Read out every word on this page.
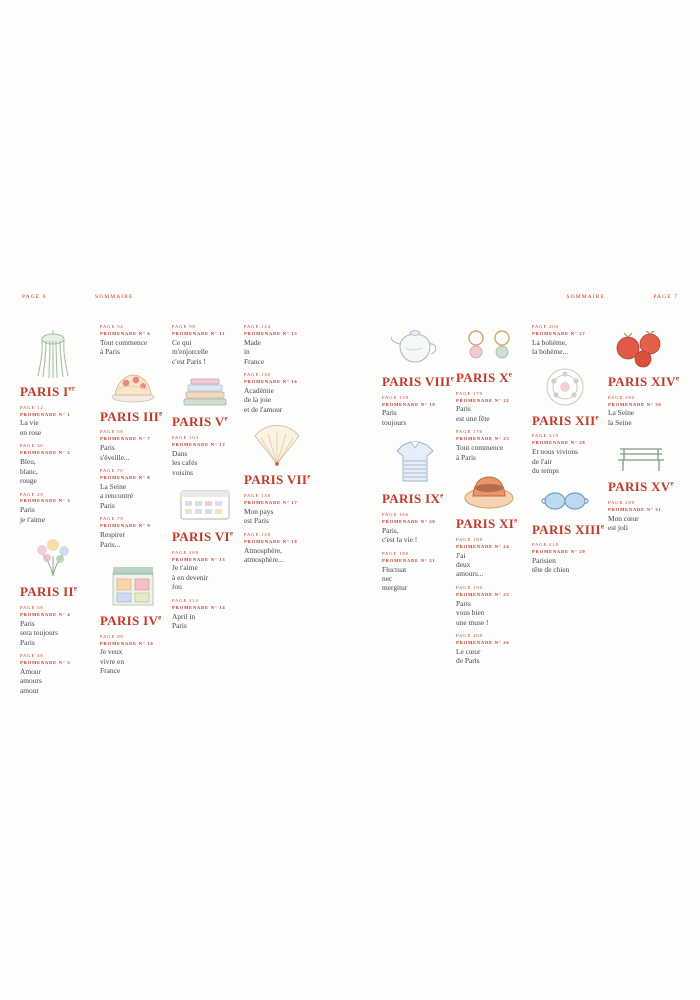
PAGE 6	SOMMAIRE	SOMMAIRE	PAGE 7
PARIS Ier
PAGE 12
PROMENADE N° 1
La vie
en rose
PAGE 20
PROMENADE N° 2
Bleu,
blanc,
rouge
PAGE 28
PROMENADE N° 3
Paris
je t'aime
PARIS IIe
PAGE 38
PROMENADE N° 4
Paris
sera toujours
Paris
PAGE 48
PROMENADE N° 5
Amour
amours
amour
PAGE 54
PROMENADE N° 6
Tout commence
à Paris
PARIS IIIe
PAGE 58
PROMENADE N° 7
Paris
s'éveille...
PAGE 70
PROMENADE N° 8
La Seine
a rencontré
Paris
PAGE 78
PROMENADE N° 9
Respirer
Paris...
PARIS IVe
PAGE 88
PROMENADE N° 10
Je veux
vivre en
France
PAGE 98
PROMENADE N° 11
Ce qui
m'enjorcelle
c'est Paris !
PARIS Ve
PAGE 104
PROMENADE N° 12
Dans
les cafés
voisins
PARIS VIe
PAGE 109
PROMENADE N° 13
Je t'aime
à en devenir
fou
PAGE 114
PROMENADE N° 14
April in
Paris
PAGE 124
PROMENADE N° 15
Made
in
France
PAGE 130
PROMENADE N° 16
Académie
de la joie
et de l'amour
PARIS VIIe
PAGE 138
PROMENADE N° 17
Mon pays
est Paris
PAGE 148
PROMENADE N° 18
Atmosphère,
atmosphère...
PARIS VIIIe
PAGE 158
PROMENADE N° 19
Paris
toujours
PARIS IXe
PAGE 166
PROMENADE N° 20
Paris,
c'est la vie !
PAGE 180
PROMENADE N° 21
Fluctuat
nec
mergitur
PARIS Xe
PAGE 170
PROMENADE N° 22
Paris
est une fête
PAGE 176
PROMENADE N° 23
Tout commence
à Paris
PARIS XIe
PAGE 188
PROMENADE N° 24
J'ai
deux
amours...
PAGE 196
PROMENADE N° 25
Paris
vous bien
une muse !
PAGE 208
PROMENADE N° 26
Le cœur
de Paris
PAGE 200
PROMENADE N° 27
La bohème,
la bohème...
PARIS XIIe
PAGE 210
PROMENADE N° 28
Et nous vivions
de l'air
du temps
PARIS XIIIe
PAGE 218
PROMENADE N° 29
Parisien
tête de chien
PARIS XIVe
PAGE 280
PROMENADE N° 30
La Seine
la Seine
PARIS XVe
PAGE 288
PROMENADE N° 31
Mon cœur
est joli
